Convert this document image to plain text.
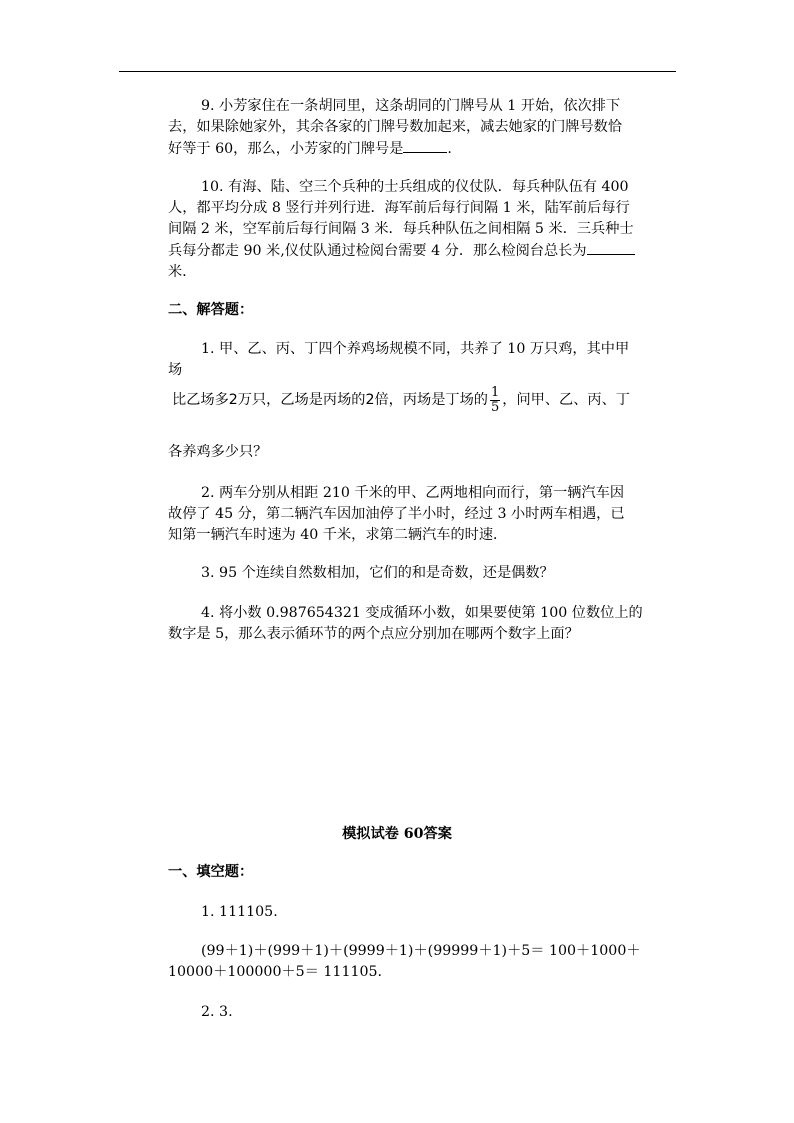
9. 小芳家住在一条胡同里，这条胡同的门牌号从 1 开始，依次排下
去，如果除她家外，其余各家的门牌号数加起来，减去她家的门牌号数恰
好等于 60，那么，小芳家的门牌号是	.
10. 有海、陆、空三个兵种的士兵组成的仪仗队．每兵种队伍有 400
人，都平均分成 8 竖行并列行进．海军前后每行间隔 1 米，陆军前后每行
间隔 2 米，空军前后每行间隔 3 米．每兵种队伍之间相隔 5 米．三兵种士
兵每分都走 90 米,仪仗队通过检阅台需要 4 分．那么检阅台总长为
米．
二、解答题：
1. 甲、乙、丙、丁四个养鸡场规模不同，共养了 10 万只鸡，其中甲
场
比乙场多2万只，乙场是丙场的2倍，丙场是丁场的 $\frac{1}{5}$ ，问甲、乙、丙、丁
各养鸡多少只？
2. 两车分别从相距 210 千米的甲、乙两地相向而行，第一辆汽车因
故停了 45 分，第二辆汽车因加油停了半小时，经过 3 小时两车相遇，已
知第一辆汽车时速为 40 千米，求第二辆汽车的时速．
3. 95 个连续自然数相加，它们的和是奇数，还是偶数？
4. 将小数 0.987654321 变成循环小数，如果要使第 100 位数位上的
数字是 5，那么表示循环节的两个点应分别加在哪两个数字上面？
模拟试卷 60答案
一、填空题：
1. 111105.
(99＋1)＋(999＋1)＋(9999＋1)＋(99999＋1)＋5＝ 100＋1000＋
10000＋100000＋5＝ 111105.
2. 3.
